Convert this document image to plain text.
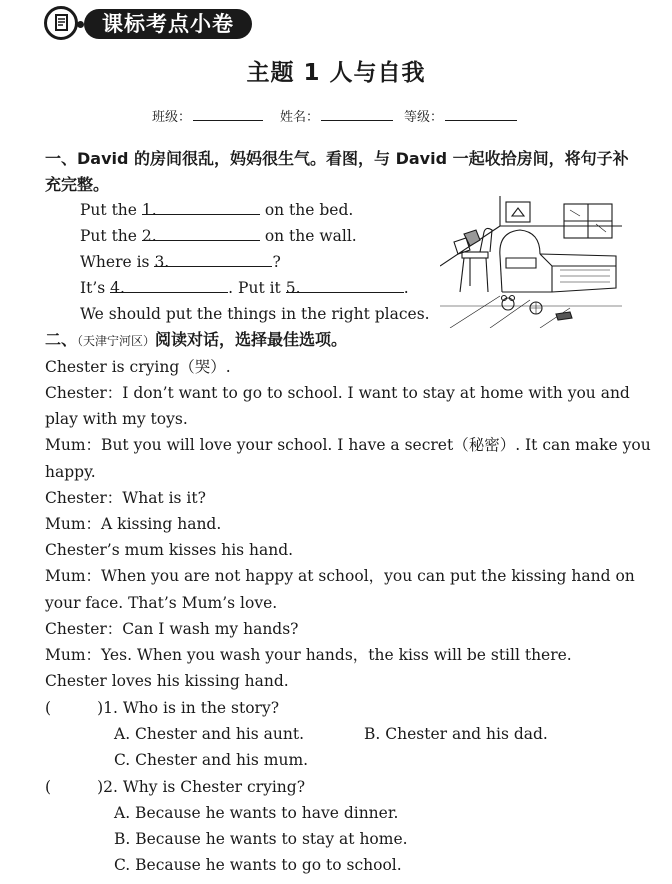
课标考点小卷
主题 1 人与自我
班级：	姓名：	等级：
一、David 的房间很乱，妈妈很生气。看图，与 David 一起收拾房间，将句子补
充完整。
Put the 1.	on the bed.
Put the 2.	on the wall.
Where is 3.	?
It’s 4.	. Put it 5.	.
We should put the things in the right places.
二、（天津宁河区）阅读对话，选择最佳选项。
Chester is crying（哭）.
Chester：I don’t want to go to school. I want to stay at home with you and
play with my toys.
Mum：But you will love your school. I have a secret（秘密）. It can make you
happy.
Chester：What is it?
Mum：A kissing hand.
Chester’s mum kisses his hand.
Mum：When you are not happy at school，you can put the kissing hand on
your face. That’s Mum’s love.
Chester：Can I wash my hands?
Mum：Yes. When you wash your hands，the kiss will be still there.
Chester loves his kissing hand.
(	)1. Who is in the story?
A. Chester and his aunt.	B. Chester and his dad.
C. Chester and his mum.
(	)2. Why is Chester crying?
A. Because he wants to have dinner.
B. Because he wants to stay at home.
C. Because he wants to go to school.
